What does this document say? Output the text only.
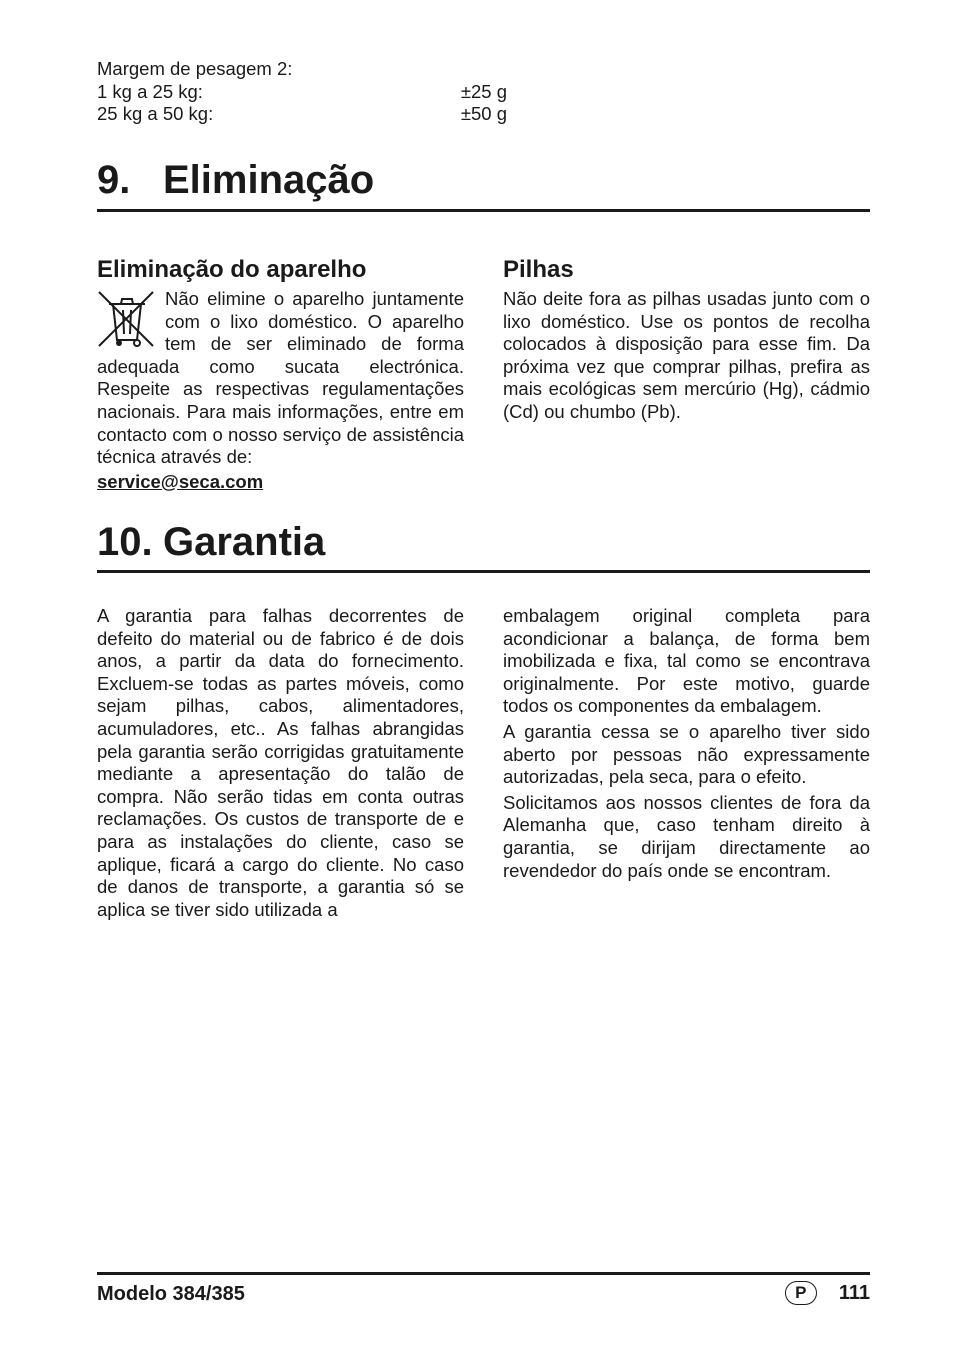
Margem de pesagem 2:
1 kg a 25 kg:	±25 g
25 kg a 50 kg:	±50 g
9. Eliminação
Eliminação do aparelho
Não elimine o aparelho juntamente com o lixo doméstico. O aparelho tem de ser eliminado de forma adequada como sucata electrónica. Respeite as respectivas regulamentações nacionais. Para mais informações, entre em contacto com o nosso serviço de assistência técnica através de:
service@seca.com
Pilhas

Não deite fora as pilhas usadas junto com o lixo doméstico. Use os pontos de recolha colocados à disposição para esse fim. Da próxima vez que comprar pilhas, prefira as mais ecológicas sem mercúrio (Hg), cádmio (Cd) ou chumbo (Pb).

10. Garantia

A garantia para falhas decorrentes de defeito do material ou de fabrico é de dois anos, a partir da data do fornecimento. Excluem-se todas as partes móveis, como sejam pilhas, cabos, alimentadores, acumuladores, etc.. As falhas abrangidas pela garantia serão corrigidas gratuitamente mediante a apresentação do talão de compra. Não serão tidas em conta outras reclamações. Os custos de transporte de e para as instalações do cliente, caso se aplique, ficará a cargo do cliente. No caso de danos de transporte, a garantia só se aplica se tiver sido utilizada a

embalagem original completa para acondicionar a balança, de forma bem imobilizada e fixa, tal como se encontrava originalmente. Por este motivo, guarde todos os componentes da embalagem.

A garantia cessa se o aparelho tiver sido aberto por pessoas não expressamente autorizadas, pela seca, para o efeito.

Solicitamos aos nossos clientes de fora da Alemanha que, caso tenham direito à garantia, se dirijam directamente ao revendedor do país onde se encontram.

Modelo 384/385	P	111
